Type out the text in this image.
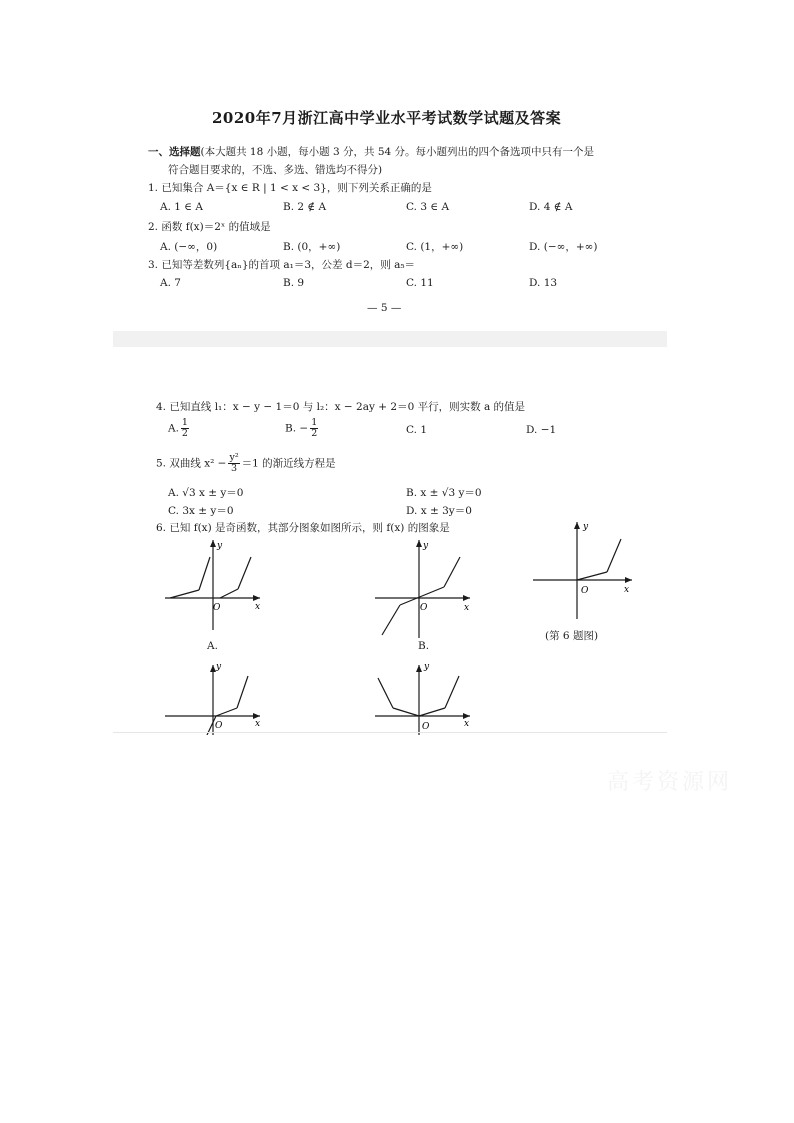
2020年7月浙江高中学业水平考试数学试题及答案
一、选择题(本大题共 18 小题，每小题 3 分，共 54 分。每小题列出的四个备选项中只有一个是
符合题目要求的，不选、多选、错选均不得分)
1. 已知集合 A＝{x ∈ R | 1 < x < 3}，则下列关系正确的是
A. 1 ∈ A	B. 2 ∉ A	C. 3 ∈ A	D. 4 ∉ A
2. 函数 f(x)＝2ˣ 的值域是
A. (−∞，0)	B. (0，+∞)	C. (1，+∞)	D. (−∞，+∞)
3. 已知等差数列{aₙ}的首项 a₁＝3，公差 d＝2，则 a₅＝
A. 7	B. 9	C. 11	D. 13
— 5 —
4. 已知直线 l₁：x − y − 1＝0 与 l₂：x − 2ay + 2＝0 平行，则实数 a 的值是
A. $\frac{1}{2}$	B. − $\frac{1}{2}$	C. 1	D. −1
5. 双曲线 $x^2 - \frac{\text{y²}}{3} =1$ 的渐近线方程是
A. √3 x ± y＝0	B. x ± √3 y＝0
C. 3x ± y＝0	D. x ± 3y＝0
6. 已知 f(x) 是奇函数，其部分图象如图所示，则 f(x) 的图象是
y
x
O
A.
y
x
O
B.
y
x
O
(第 6 题图)
y
x
O
y
x
O
高考资源网
